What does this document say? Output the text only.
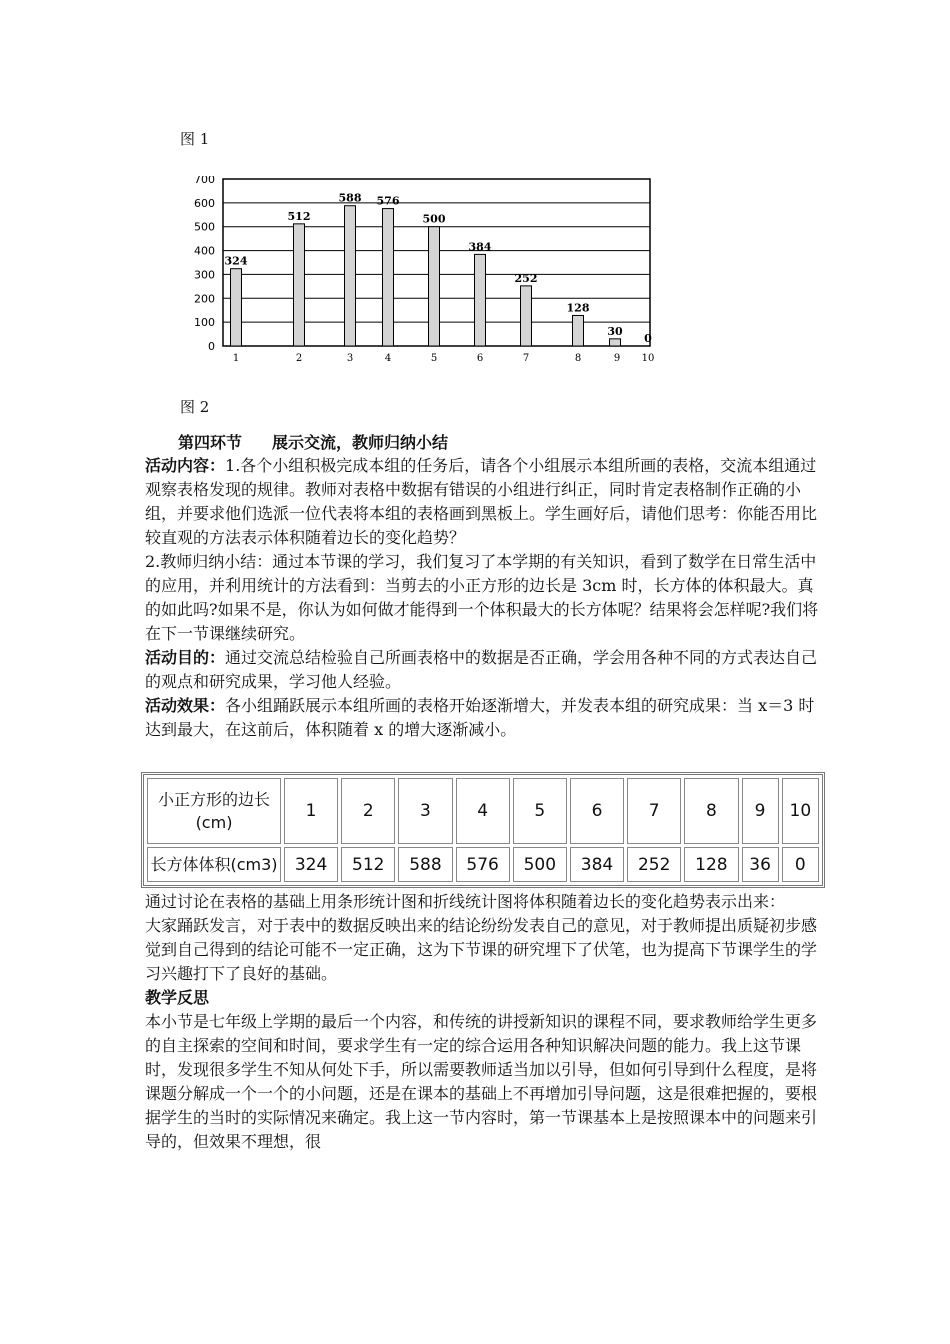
图 1
0
100
200
300
400
500
600
700
324
1
512
2
588
3
576
4
500
5
384
6
252
7
128
8
30
9
0
10
图 2
第四环节 展示交流，教师归纳小结

活动内容：1.各个小组积极完成本组的任务后，请各个小组展示本组所画的表格，交流本组通过观察表格发现的规律。教师对表格中数据有错误的小组进行纠正，同时肯定表格制作正确的小组，并要求他们选派一位代表将本组的表格画到黑板上。学生画好后，请他们思考：你能否用比较直观的方法表示体积随着边长的变化趋势？

2.教师归纳小结：通过本节课的学习，我们复习了本学期的有关知识，看到了数学在日常生活中的应用，并利用统计的方法看到：当剪去的小正方形的边长是 3cm 时，长方体的体积最大。真的如此吗?如果不是，你认为如何做才能得到一个体积最大的长方体呢？结果将会怎样呢?我们将在下一节课继续研究。

活动目的：通过交流总结检验自己所画表格中的数据是否正确，学会用各种不同的方式表达自己的观点和研究成果，学习他人经验。

活动效果：各小组踊跃展示本组所画的表格开始逐渐增大，并发表本组的研究成果：当 x＝3 时达到最大，在这前后，体积随着 x 的增大逐渐减小。

小正方形的边长(cm)	1	2	3	4	5	6	7	8	9	10
长方体体积(cm3)	324	512	588	576	500	384	252	128	36	0

通过讨论在表格的基础上用条形统计图和折线统计图将体积随着边长的变化趋势表示出来：

大家踊跃发言，对于表中的数据反映出来的结论纷纷发表自己的意见，对于教师提出质疑初步感觉到自己得到的结论可能不一定正确，这为下节课的研究埋下了伏笔，也为提高下节课学生的学习兴趣打下了良好的基础。

教学反思

本小节是七年级上学期的最后一个内容，和传统的讲授新知识的课程不同，要求教师给学生更多的自主探索的空间和时间，要求学生有一定的综合运用各种知识解决问题的能力。我上这节课时，发现很多学生不知从何处下手，所以需要教师适当加以引导，但如何引导到什么程度，是将课题分解成一个一个的小问题，还是在课本的基础上不再增加引导问题，这是很难把握的，要根据学生的当时的实际情况来确定。我上这一节内容时，第一节课基本上是按照课本中的问题来引导的，但效果不理想，很
